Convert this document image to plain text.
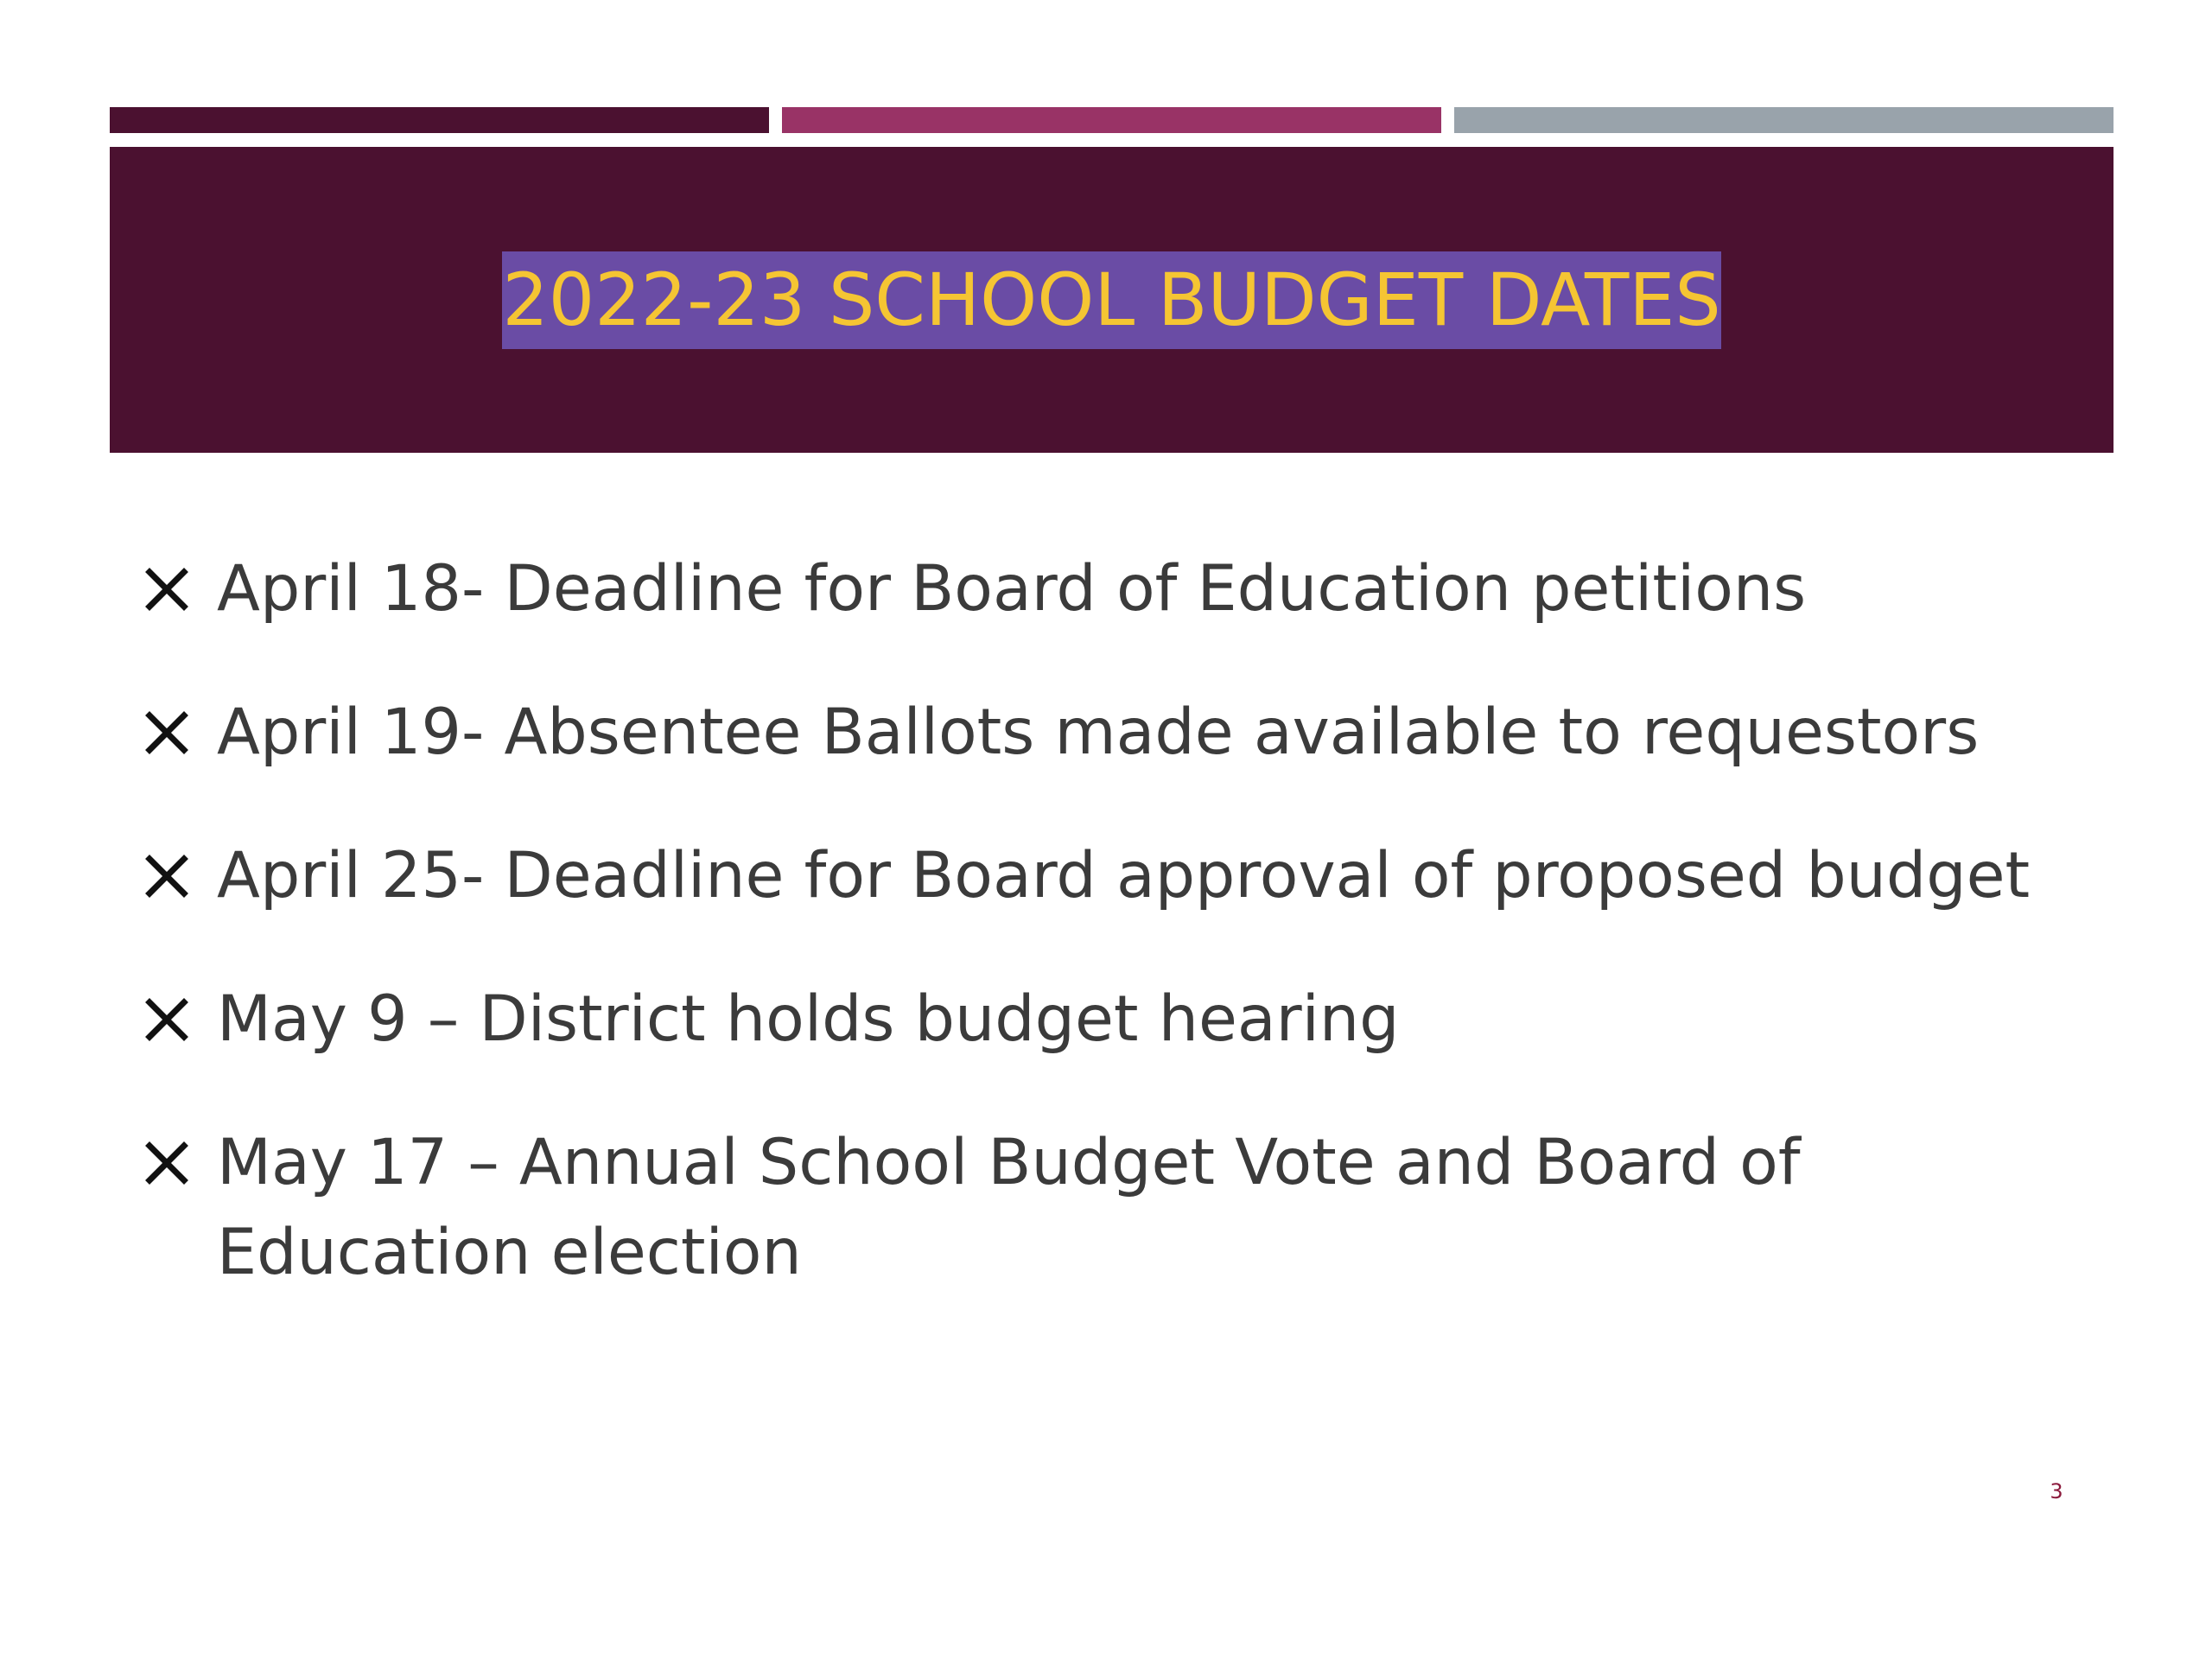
2022-23 SCHOOL BUDGET DATES
April 18- Deadline for Board of Education petitions
April 19- Absentee Ballots made available to requestors
April 25- Deadline for Board approval of proposed budget
May 9 – District holds budget hearing
May 17 – Annual School Budget Vote and Board of Education election
3
